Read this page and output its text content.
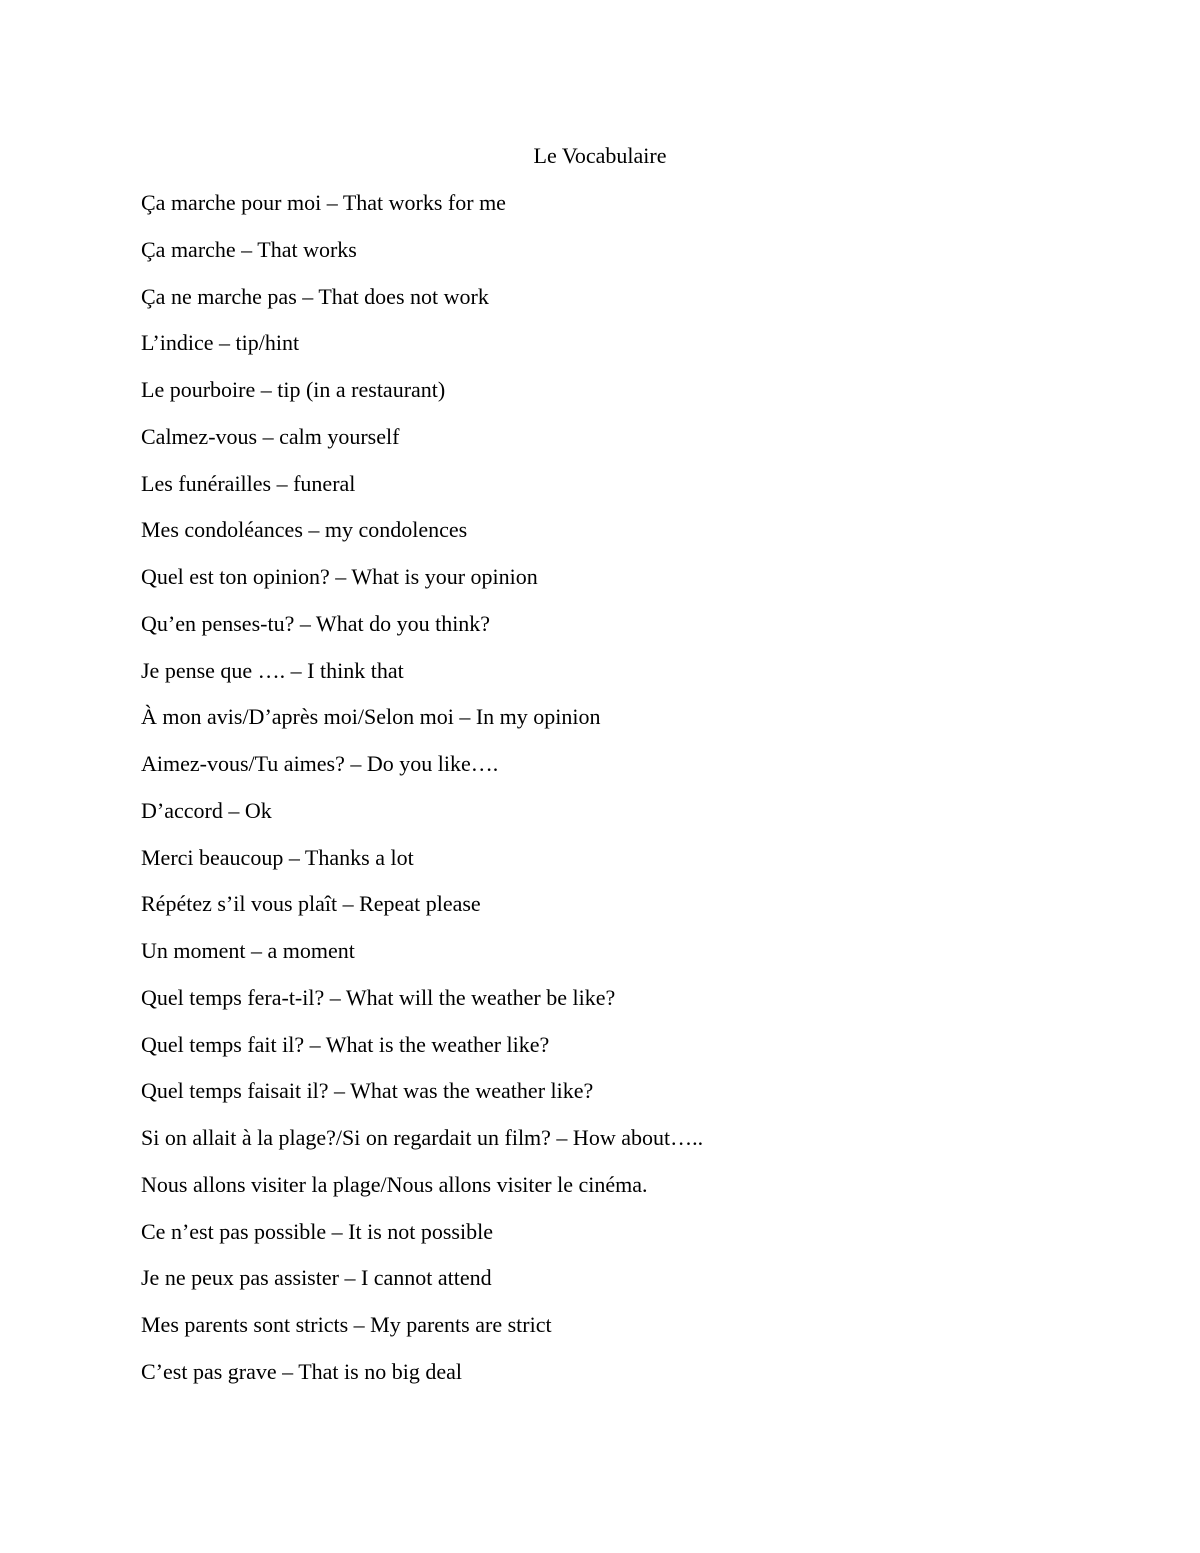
Le Vocabulaire
Ça marche pour moi – That works for me
Ça marche – That works
Ça ne marche pas – That does not work
L’indice – tip/hint
Le pourboire – tip (in a restaurant)
Calmez-vous – calm yourself
Les funérailles – funeral
Mes condoléances – my condolences
Quel est ton opinion? – What is your opinion
Qu’en penses-tu? – What do you think?
Je pense que …. – I think that
À mon avis/D’après moi/Selon moi – In my opinion
Aimez-vous/Tu aimes? – Do you like….
D’accord – Ok
Merci beaucoup – Thanks a lot
Répétez s’il vous plaît – Repeat please
Un moment – a moment
Quel temps fera-t-il? – What will the weather be like?
Quel temps fait il? – What is the weather like?
Quel temps faisait il? – What was the weather like?
Si on allait à la plage?/Si on regardait un film? – How about…..
Nous allons visiter la plage/Nous allons visiter le cinéma.
Ce n’est pas possible – It is not possible
Je ne peux pas assister – I cannot attend
Mes parents sont stricts – My parents are strict
C’est pas grave – That is no big deal
